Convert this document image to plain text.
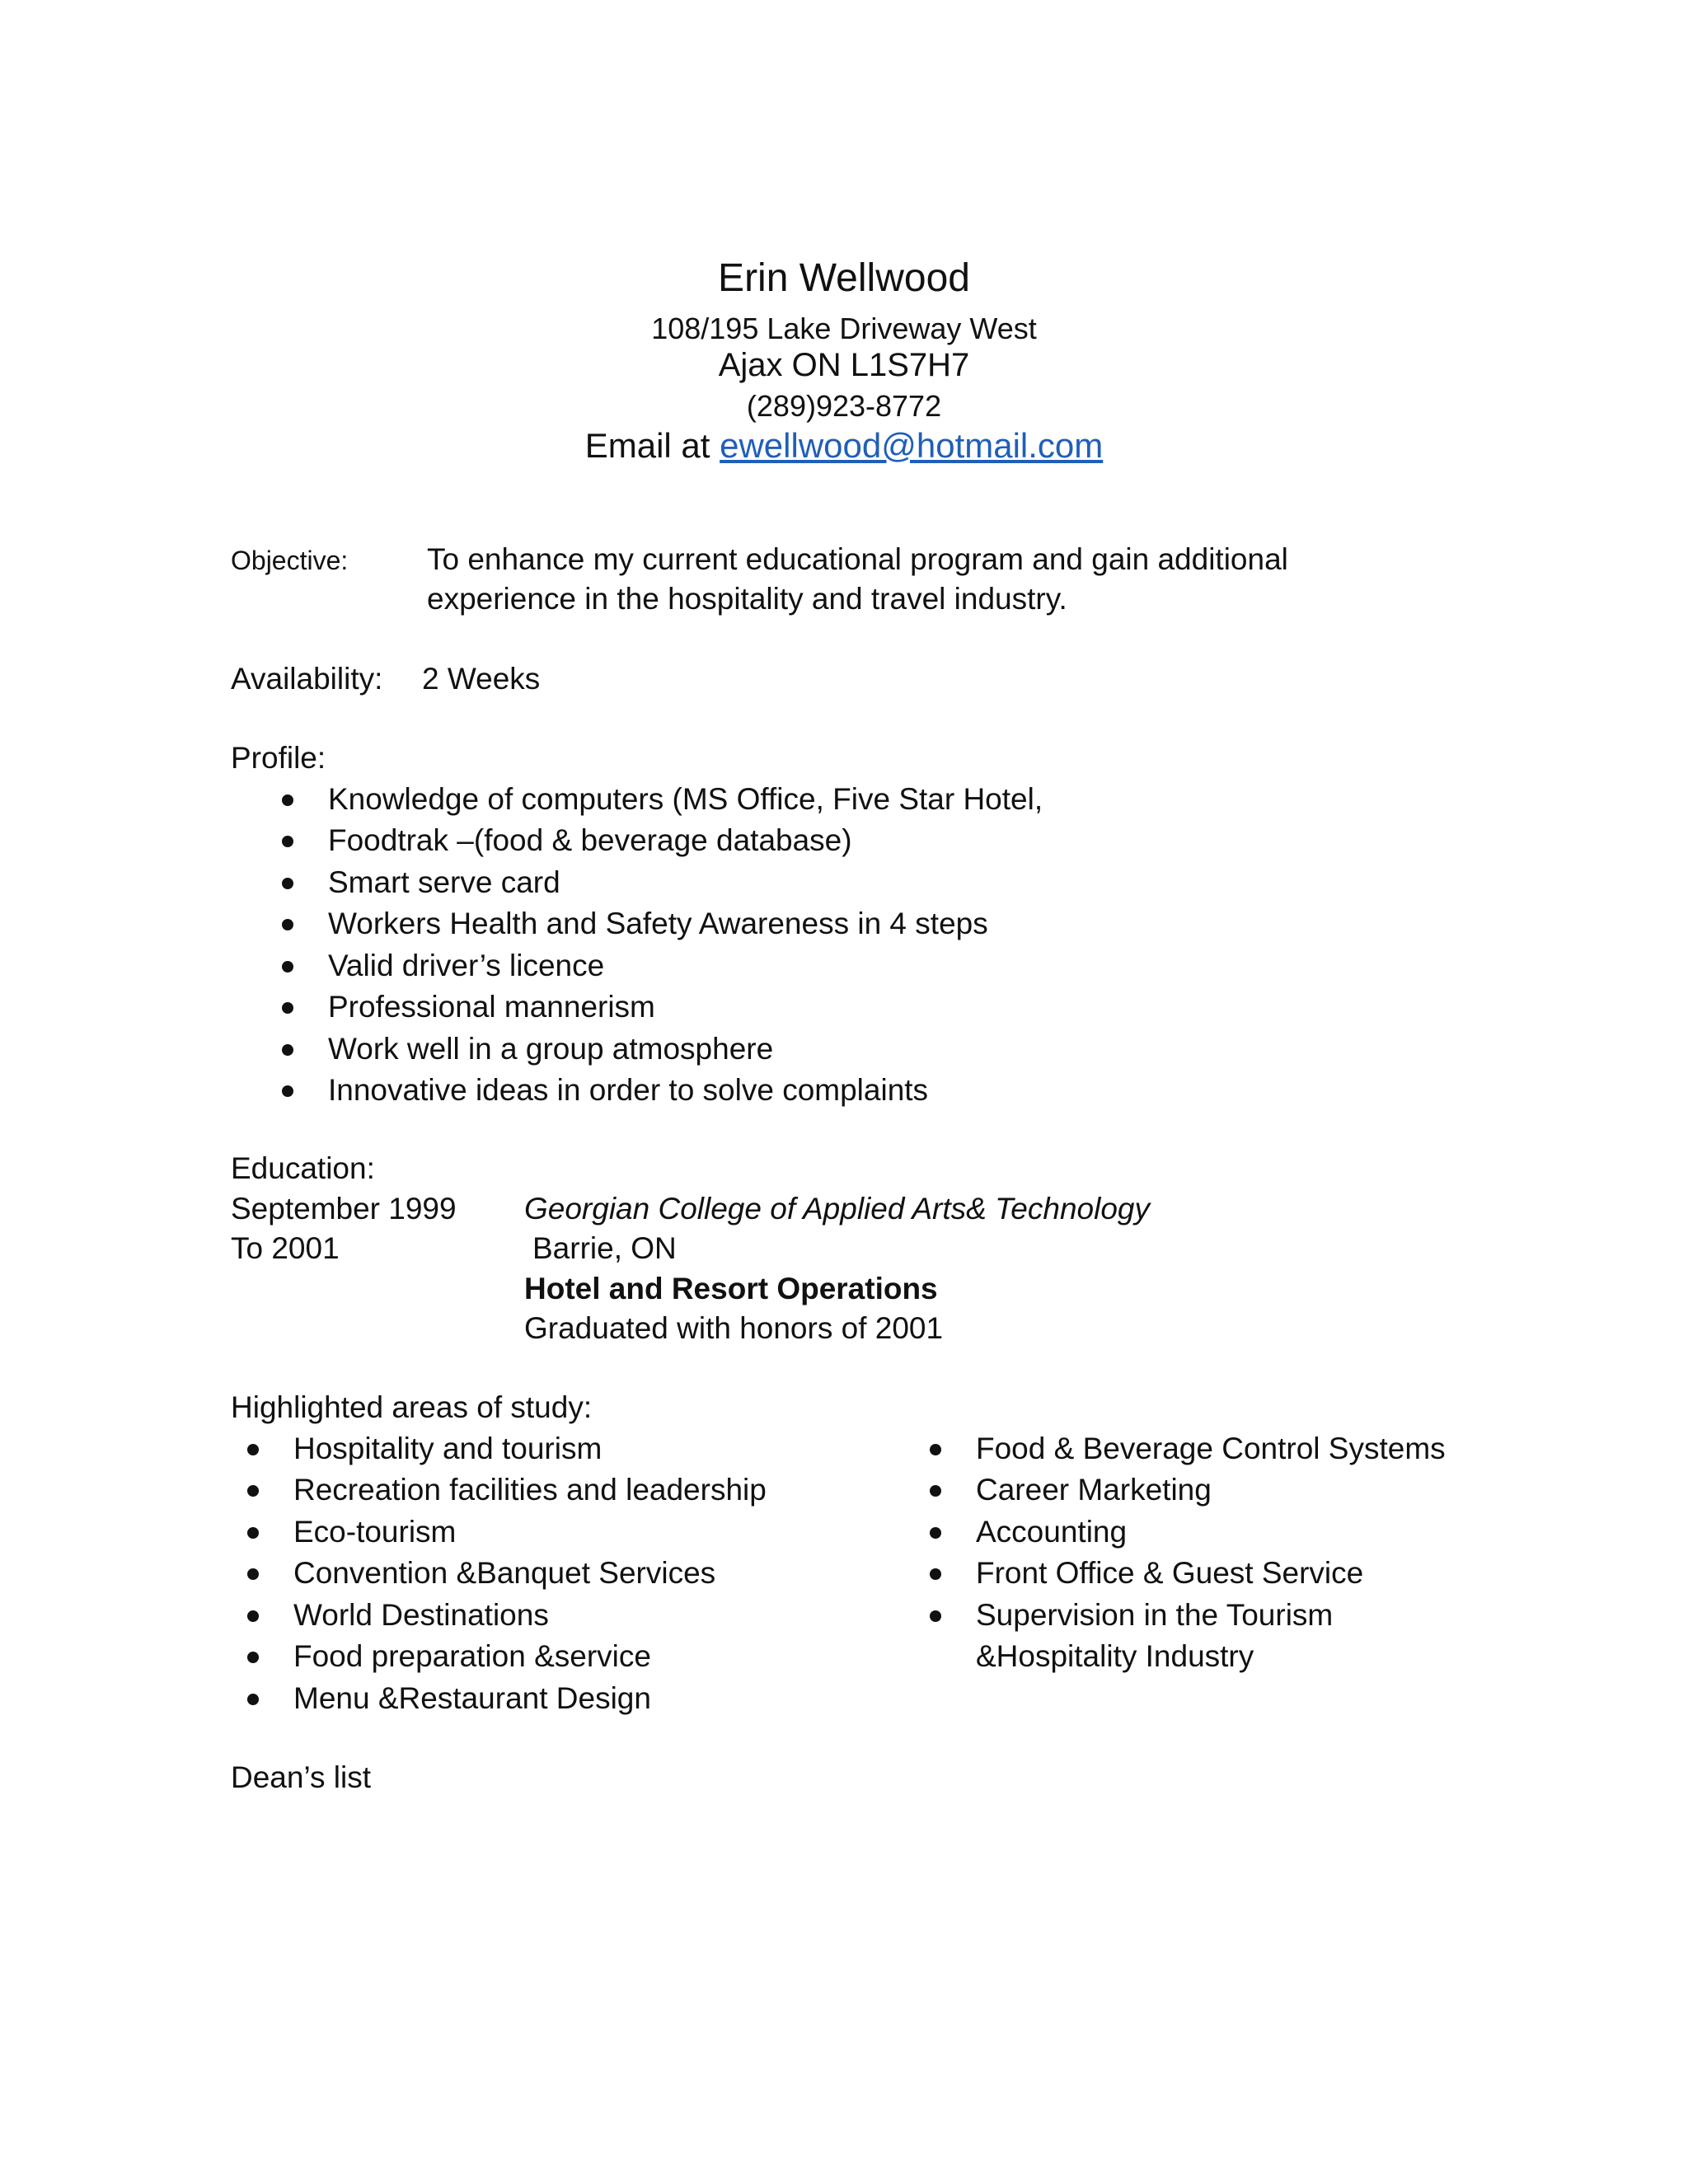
Erin Wellwood
108/195 Lake Driveway West
Ajax ON L1S7H7
(289)923-8772
Email at ewellwood@hotmail.com
Objective:	To enhance my current educational program and gain additional
experience in the hospitality and travel industry.
Availability: 2 Weeks
Profile:
Knowledge of computers (MS Office, Five Star Hotel,
Foodtrak –(food & beverage database)
Smart serve card
Workers Health and Safety Awareness in 4 steps
Valid driver’s licence
Professional mannerism
Work well in a group atmosphere
Innovative ideas in order to solve complaints
Education:
September 1999 Georgian College of Applied Arts& Technology
To 2001	Barrie, ON
Hotel and Resort Operations
Graduated with honors of 2001
Highlighted areas of study:
Hospitality and tourism
Recreation facilities and leadership
Eco-tourism
Convention &Banquet Services
World Destinations
Food preparation &service
Menu &Restaurant Design
Food & Beverage Control Systems
Career Marketing
Accounting
Front Office & Guest Service
Supervision in the Tourism
&Hospitality Industry
Dean’s list
